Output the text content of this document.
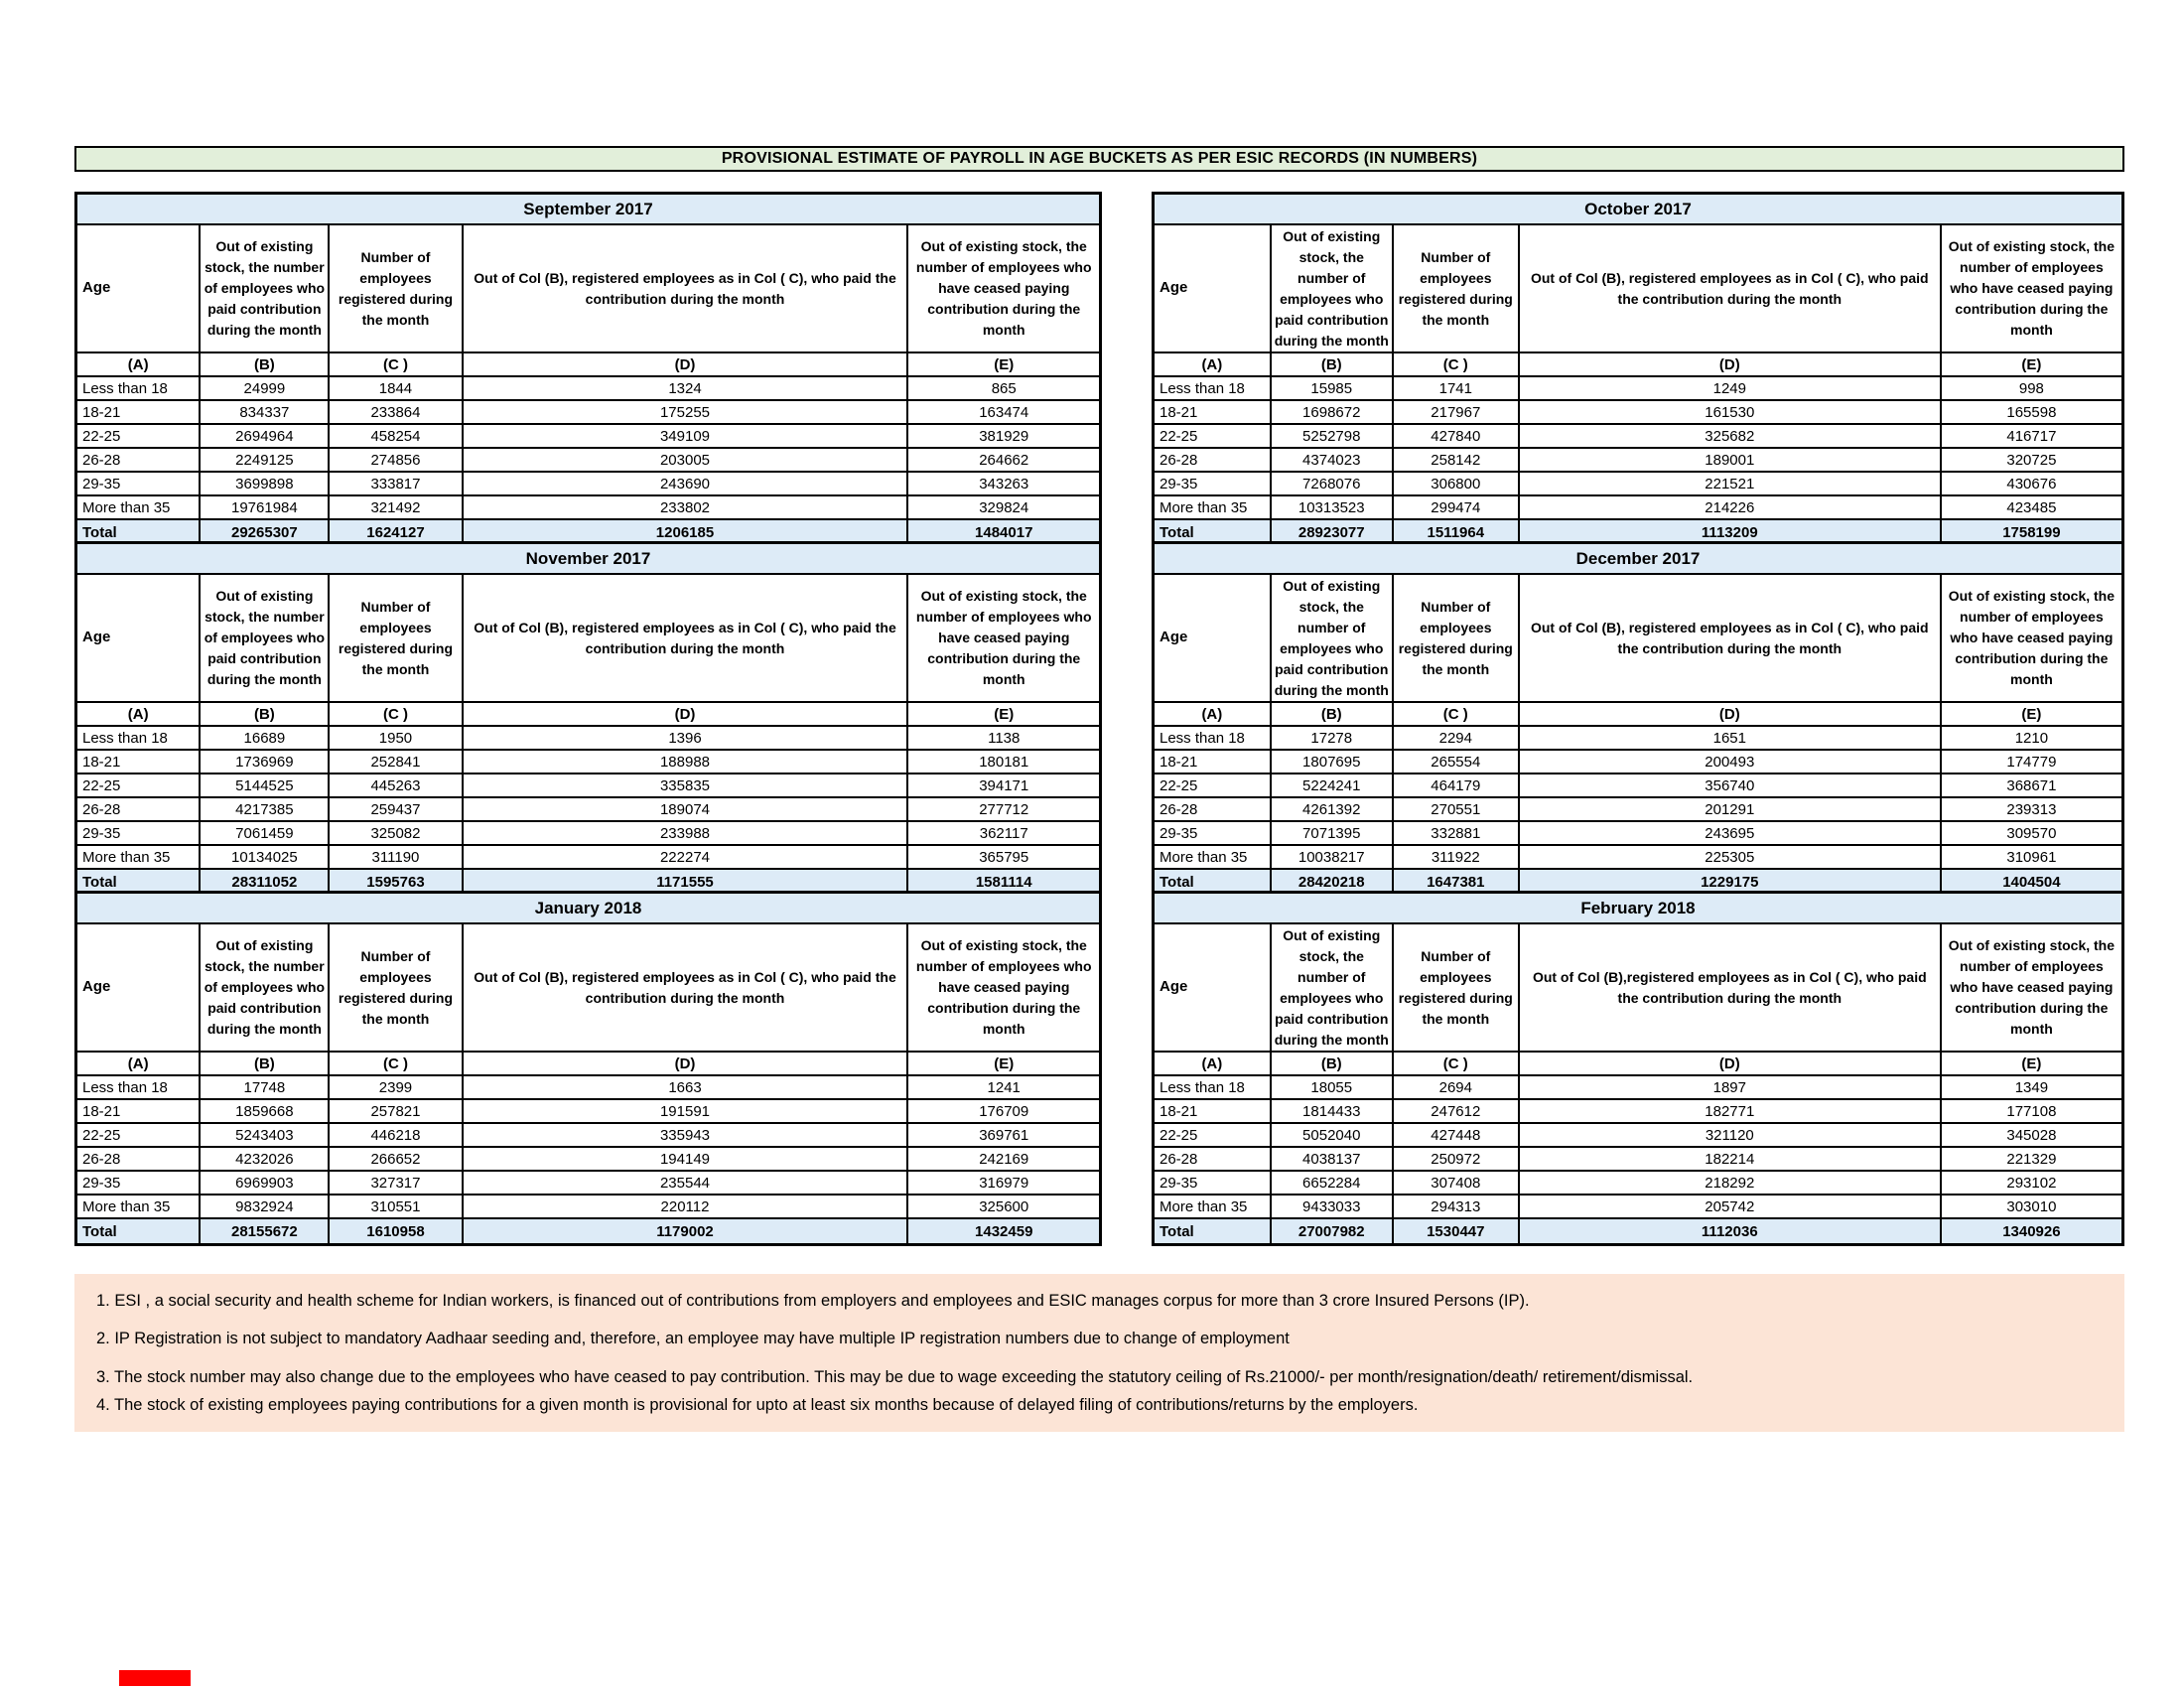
PROVISIONAL ESTIMATE OF PAYROLL IN AGE BUCKETS AS PER ESIC RECORDS (IN NUMBERS)
September 2017				
Age	Out of existing stock, the number of employees who paid contribution during the month	Number of employees registered during the month	Out of Col (B), registered employees as in Col ( C), who paid the contribution during the month	Out of existing stock, the number of employees who have ceased paying contribution during the month
(A)	(B)	(C )	(D)	(E)
Less than 18	24999	1844	1324	865
18-21	834337	233864	175255	163474
22-25	2694964	458254	349109	381929
26-28	2249125	274856	203005	264662
29-35	3699898	333817	243690	343263
More than 35	19761984	321492	233802	329824
Total	29265307	1624127	1206185	1484017
October 2017				
Age	Out of existing stock, the number of employees who paid contribution during the month	Number of employees registered during the month	Out of Col (B), registered employees as in Col ( C), who paid the contribution during the month	Out of existing stock, the number of employees who have ceased paying contribution during the month
(A)	(B)	(C )	(D)	(E)
Less than 18	15985	1741	1249	998
18-21	1698672	217967	161530	165598
22-25	5252798	427840	325682	416717
26-28	4374023	258142	189001	320725
29-35	7268076	306800	221521	430676
More than 35	10313523	299474	214226	423485
Total	28923077	1511964	1113209	1758199
November 2017				
Age	Out of existing stock, the number of employees who paid contribution during the month	Number of employees registered during the month	Out of Col (B), registered employees as in Col ( C), who paid the contribution during the month	Out of existing stock, the number of employees who have ceased paying contribution during the month
(A)	(B)	(C )	(D)	(E)
Less than 18	16689	1950	1396	1138
18-21	1736969	252841	188988	180181
22-25	5144525	445263	335835	394171
26-28	4217385	259437	189074	277712
29-35	7061459	325082	233988	362117
More than 35	10134025	311190	222274	365795
Total	28311052	1595763	1171555	1581114
December 2017				
Age	Out of existing stock, the number of employees who paid contribution during the month	Number of employees registered during the month	Out of Col (B), registered employees as in Col ( C), who paid the contribution during the month	Out of existing stock, the number of employees who have ceased paying contribution during the month
(A)	(B)	(C )	(D)	(E)
Less than 18	17278	2294	1651	1210
18-21	1807695	265554	200493	174779
22-25	5224241	464179	356740	368671
26-28	4261392	270551	201291	239313
29-35	7071395	332881	243695	309570
More than 35	10038217	311922	225305	310961
Total	28420218	1647381	1229175	1404504
January 2018				
Age	Out of existing stock, the number of employees who paid contribution during the month	Number of employees registered during the month	Out of Col (B), registered employees as in Col ( C), who paid the contribution during the month	Out of existing stock, the number of employees who have ceased paying contribution during the month
(A)	(B)	(C )	(D)	(E)
Less than 18	17748	2399	1663	1241
18-21	1859668	257821	191591	176709
22-25	5243403	446218	335943	369761
26-28	4232026	266652	194149	242169
29-35	6969903	327317	235544	316979
More than 35	9832924	310551	220112	325600
Total	28155672	1610958	1179002	1432459
February 2018				
Age	Out of existing stock, the number of employees who paid contribution during the month	Number of employees registered during the month	Out of Col (B),registered employees as in Col ( C), who paid the contribution during the month	Out of existing stock, the number of employees who have ceased paying contribution during the month
(A)	(B)	(C )	(D)	(E)
Less than 18	18055	2694	1897	1349
18-21	1814433	247612	182771	177108
22-25	5052040	427448	321120	345028
26-28	4038137	250972	182214	221329
29-35	6652284	307408	218292	293102
More than 35	9433033	294313	205742	303010
Total	27007982	1530447	1112036	1340926
1. ESI , a social security and health scheme for Indian workers, is financed out of contributions from employers and employees and ESIC manages corpus for more than 3 crore Insured Persons (IP).
2. IP Registration is not subject to mandatory Aadhaar seeding and, therefore, an employee may have multiple IP registration numbers due to change of employment
3. The stock number may also change due to the employees who have ceased to pay contribution. This may be due to wage exceeding the statutory ceiling of Rs.21000/- per month/resignation/death/ retirement/dismissal.
4. The stock of existing employees paying contributions for a given month is provisional for upto at least six months because of delayed filing of contributions/returns by the employers.
